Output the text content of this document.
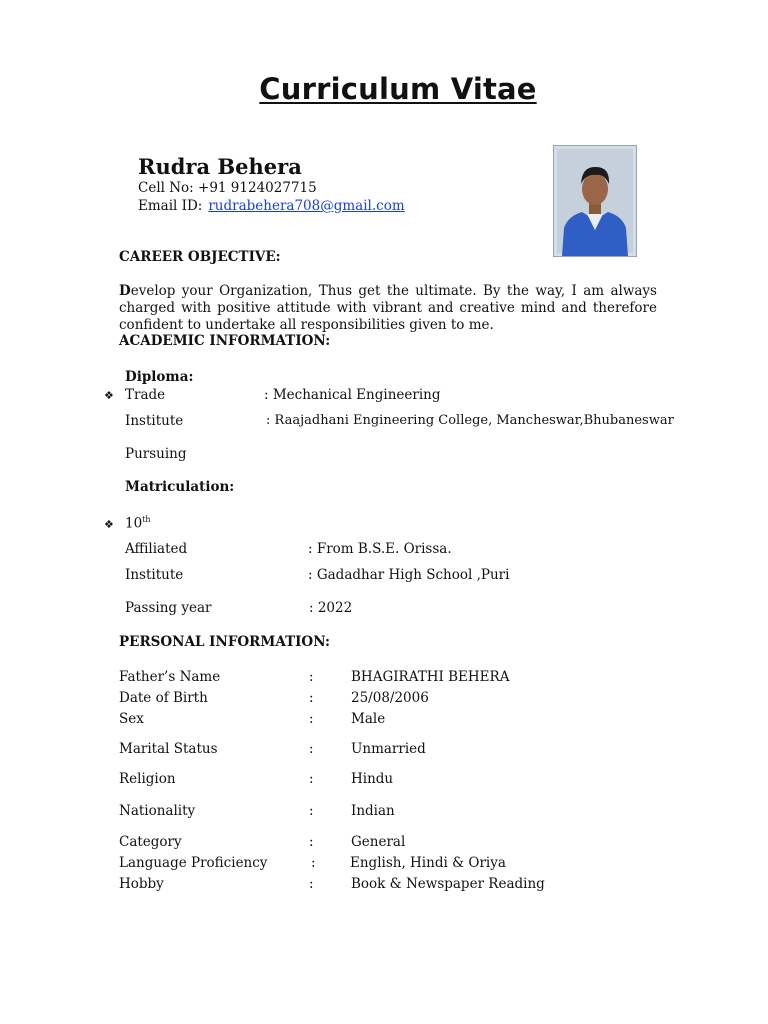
Curriculum Vitae
Rudra Behera
Cell No: +91 9124027715
Email ID: rudrabehera708@gmail.com
CAREER OBJECTIVE:
Develop your Organization, Thus get the ultimate. By the way, I am always charged with positive attitude with vibrant and creative mind and therefore confident to undertake all responsibilities given to me.
ACADEMIC INFORMATION:
Diploma:
❖ Trade	: Mechanical Engineering
Institute	: Raajadhani Engineering College, Mancheswar,Bhubaneswar
Pursuing
Matriculation:
❖ 10th
Affiliated	: From B.S.E. Orissa.
Institute	: Gadadhar High School ,Puri
Passing year	: 2022
PERSONAL INFORMATION:
Father’s Name	:	BHAGIRATHI BEHERA
Date of Birth	:	25/08/2006
Sex	:	Male
Marital Status	:	Unmarried
Religion	:	Hindu
Nationality	:	Indian
Category	:	General
Language Proficiency	:	English, Hindi & Oriya
Hobby	:	Book & Newspaper Reading
